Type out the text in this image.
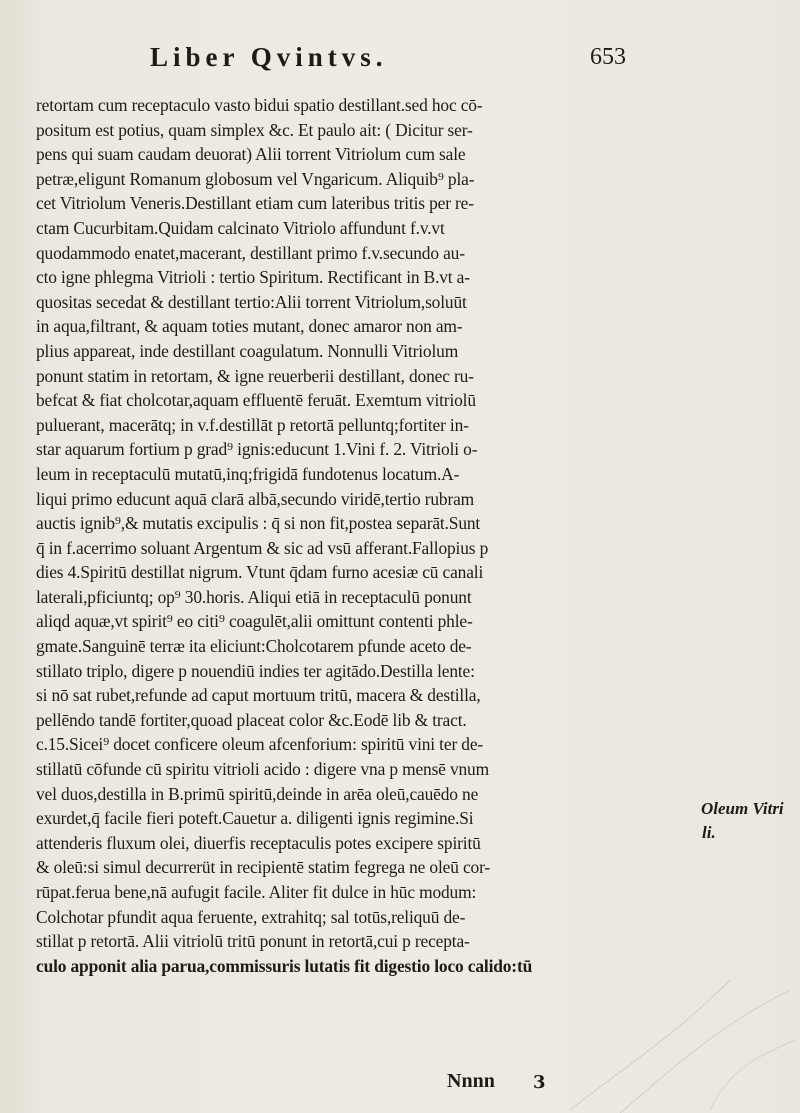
Liber Qvintvs.	653
retortam cum receptaculo vasto bidui spatio destillant.sed hoc cō-
positum est potius, quam simplex &c. Et paulo ait: ( Dicitur ser-
pens qui suam caudam deuorat) Alii torrent Vitriolum cum sale
petræ,eligunt Romanum globosum vel Vngaricum. Aliquib⁹ pla-
cet Vitriolum Veneris.Destillant etiam cum lateribus tritis per re-
ctam Cucurbitam.Quidam calcinato Vitriolo affundunt f.v.vt
quodammodo enatet,macerant, destillant primo f.v.secundo au-
cto igne phlegma Vitrioli : tertio Spiritum. Rectificant in B.vt a-
quositas secedat & destillant tertio:Alii torrent Vitriolum,soluūt
in aqua,filtrant, & aquam toties mutant, donec amaror non am-
plius appareat, inde destillant coagulatum. Nonnulli Vitriolum
ponunt statim in retortam, & igne reuerberii destillant, donec ru-
befcat & fiat cholcotar,aquam effluentē feruāt. Exemtum vitriolū
puluerant, macerātq; in v.f.destillāt p retortā pelluntq;fortiter in-
star aquarum fortium p grad⁹ ignis:educunt 1.Vini f. 2. Vitrioli o-
leum in receptaculū mutatū,inq;frigidā fundotenus locatum.A-
liqui primo educunt aquā clarā albā,secundo viridē,tertio rubram
auctis ignib⁹,& mutatis excipulis : q̄ si non fit,postea separāt.Sunt
q̄ in f.acerrimo soluant Argentum & sic ad vsū afferant.Fallopius p
dies 4.Spiritū destillat nigrum. Vtunt q̄dam furno acesiæ cū canali
laterali,pficiuntq; op⁹ 30.horis. Aliqui etiā in receptaculū ponunt
aliqd aquæ,vt spirit⁹ eo citi⁹ coagulēt,alii omittunt contenti phle-
gmate.Sanguinē terræ ita eliciunt:Cholcotarem pfunde aceto de-
stillato triplo, digere p nouendiū indies ter agitādo.Destilla lente:
si nō sat rubet,refunde ad caput mortuum tritū, macera & destilla,
pellēndo tandē fortiter,quoad placeat color &c.Eodē lib & tract.
c.15.Sicei⁹ docet conficere oleum afcenforium: spiritū vini ter de-
stillatū cōfunde cū spiritu vitrioli acido : digere vna p mensē vnum
vel duos,destilla in B.primū spiritū,deinde in arēa oleū,cauēdo ne
exurdet,q̄ facile fieri poteft.Cauetur a. diligenti ignis regimine.Si
attenderis fluxum olei, diuerfis receptaculis potes excipere spiritū
& oleū:si simul decurrerüt in recipientē statim fegrega ne oleū cor-
rūpat.ferua bene,nā aufugit facile. Aliter fit dulce in hūc modum:
Colchotar pfundit aqua feruente, extrahitq; sal totūs,reliquū de-
stillat p retortā. Alii vitriolū tritū ponunt in retortā,cui p recepta-
culo apponit alia parua,commissuris lutatis fit digestio loco calido:tū
Oleum Vitri
li.
Nnnn 3
